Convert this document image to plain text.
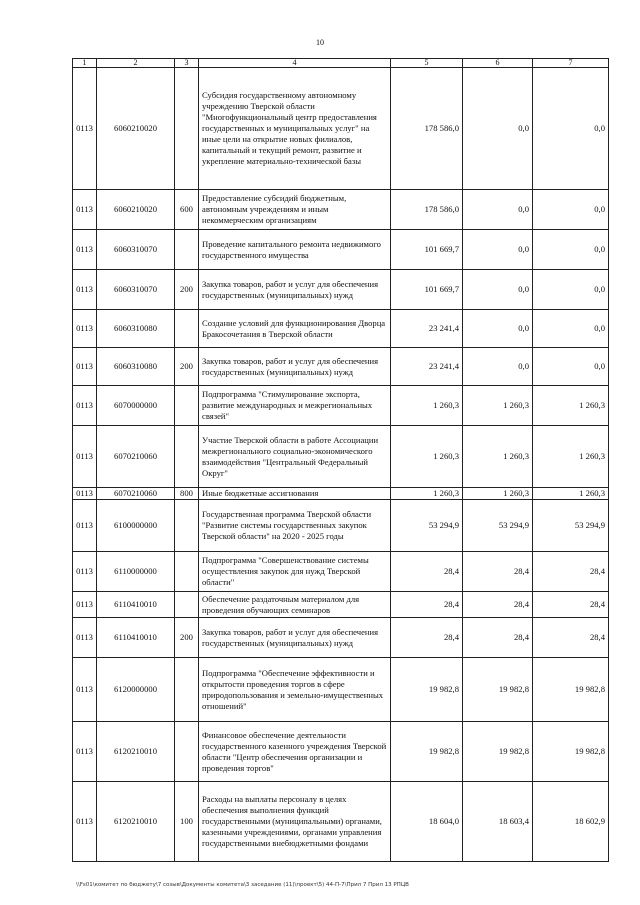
10
1	2	3	4	5	6	7
0113	6060210020		Субсидия государственному автономному учреждению Тверской области "Многофункциональный центр предоставления государственных и муниципальных услуг" на иные цели на открытие новых филиалов, капитальный и текущий ремонт, развитие и укрепление материально-технической базы	178 586,0	0,0	0,0
0113	6060210020	600	Предоставление субсидий бюджетным, автономным учреждениям и иным некоммерческим организациям	178 586,0	0,0	0,0
0113	6060310070		Проведение капитального ремонта недвижимого государственного имущества	101 669,7	0,0	0,0
0113	6060310070	200	Закупка товаров, работ и услуг для обеспечения государственных (муниципальных) нужд	101 669,7	0,0	0,0
0113	6060310080		Создание условий для функционирования Дворца Бракосочетания в Тверской области	23 241,4	0,0	0,0
0113	6060310080	200	Закупка товаров, работ и услуг для обеспечения государственных (муниципальных) нужд	23 241,4	0,0	0,0
0113	6070000000		Подпрограмма "Стимулирование экспорта, развитие международных и межрегиональных связей"	1 260,3	1 260,3	1 260,3
0113	6070210060		Участие Тверской области в работе Ассоциации межрегионального социально-экономического взаимодействия "Центральный Федеральный Округ"	1 260,3	1 260,3	1 260,3
0113	6070210060	800	Иные бюджетные ассигнования	1 260,3	1 260,3	1 260,3
0113	6100000000		Государственная программа Тверской области "Развитие системы государственных закупок Тверской области" на 2020 - 2025 годы	53 294,9	53 294,9	53 294,9
0113	6110000000		Подпрограмма "Совершенствование системы осуществления закупок для нужд Тверской области"	28,4	28,4	28,4
0113	6110410010		Обеспечение раздаточным материалом для проведения обучающих семинаров	28,4	28,4	28,4
0113	6110410010	200	Закупка товаров, работ и услуг для обеспечения государственных (муниципальных) нужд	28,4	28,4	28,4
0113	6120000000		Подпрограмма "Обеспечение эффективности и открытости проведения торгов в сфере природопользования и земельно-имущественных отношений"	19 982,8	19 982,8	19 982,8
0113	6120210010		Финансовое обеспечение деятельности государственного казенного учреждения Тверской области "Центр обеспечения организации и проведения торгов"	19 982,8	19 982,8	19 982,8
0113	6120210010	100	Расходы на выплаты персоналу в целях обеспечения выполнения функций государственными (муниципальными) органами, казенными учреждениями, органами управления государственными внебюджетными фондами	18 604,0	18 603,4	18 602,9
\\Fs01\комитет по бюджету\7 созыв\Документы комитета\3 заседание (11)\проект\5) 44-П-7\Прил 7 Прил 13 РПЦВ
